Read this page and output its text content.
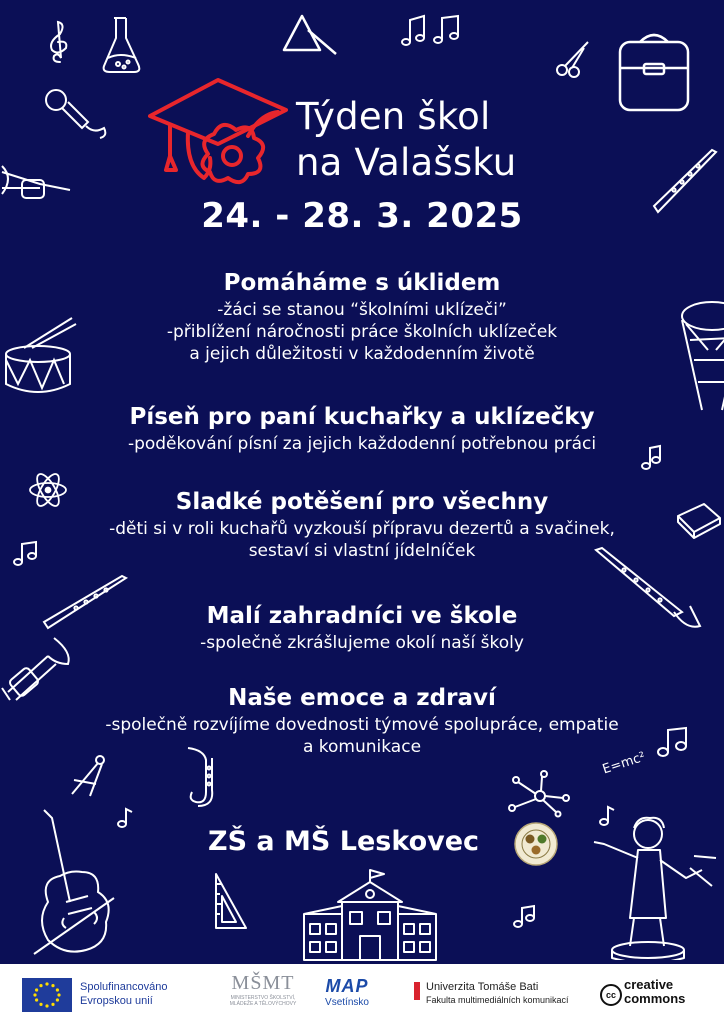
Týden škol
na Valašsku
24. - 28. 3. 2025
Pomáháme s úklidem

-žáci se stanou “školními uklízeči”

-přiblížení náročnosti práce školních uklízeček

a jejich důležitosti v každodenním životě

Píseň pro paní kuchařky a uklízečky

-poděkování písní za jejich každodenní potřebnou práci

Sladké potěšení pro všechny

-děti si v roli kuchařů vyzkouší přípravu dezertů a svačinek,

sestaví si vlastní jídelníček

Malí zahradníci ve škole

-společně zkrášlujeme okolí naší školy

Naše emoce a zdraví

-společně rozvíjíme dovednosti týmové spolupráce, empatie

a komunikace

ZŠ a MŠ Leskovec
E=mc²
Spolufinancováno
Evropskou unií
MŠMT
MINISTERSTVO ŠKOLSTVÍ,
MLÁDEŽE A TĚLOVÝCHOVY
MAP
Vsetínsko
Univerzita Tomáše Bati
Fakulta multimediálních komunikací	cc
creative
commons
